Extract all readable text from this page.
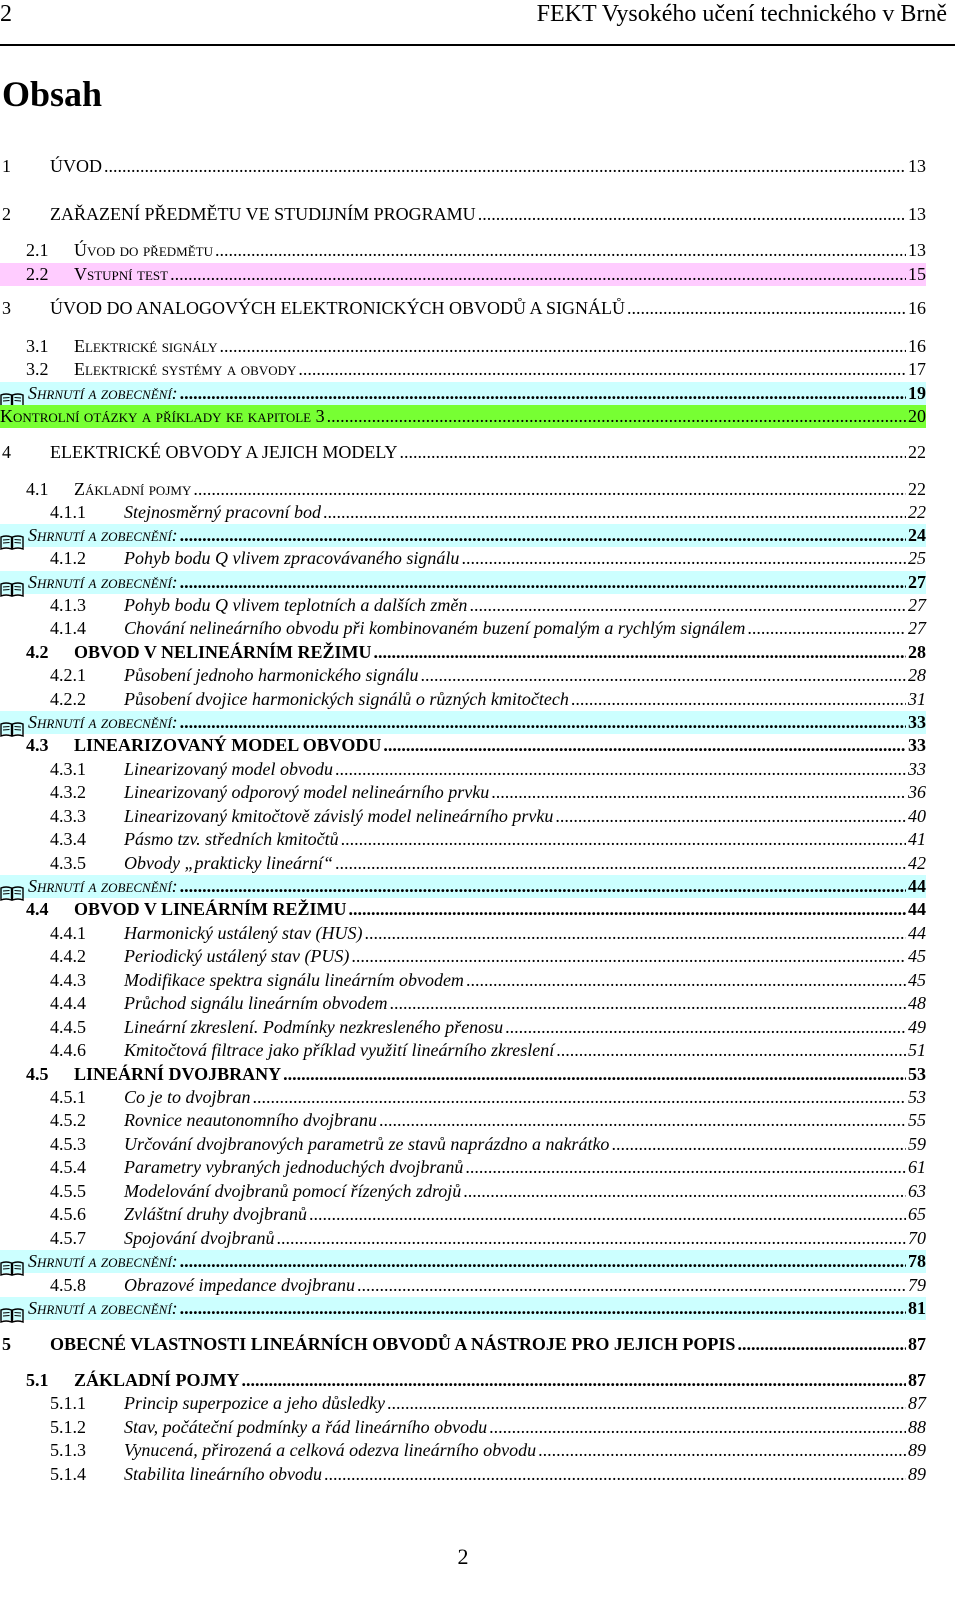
2	FEKT Vysokého učení technického v Brně
Obsah
1 ÚVOD .....	13
2 ZAŘAZENÍ PŘEDMĚTU VE STUDIJNÍM PROGRAMU .....	13
2.1 Úvod do předmětu .....	13
2.2 Vstupní test .....	15
3 ÚVOD DO ANALOGOVÝCH ELEKTRONICKÝCH OBVODŮ A SIGNÁLŮ .....	16
3.1 Elektrické signály .....	16
3.2 Elektrické systémy a obvody .....	17
Shrnutí a zobecnění: .....	19
Kontrolní otázky a příklady ke kapitole 3 .....	20
4 ELEKTRICKÉ OBVODY A JEJICH MODELY .....	22
4.1 Základní pojmy .....	22
4.1.1 Stejnosměrný pracovní bod .....	22
Shrnutí a zobecnění: .....	24
4.1.2 Pohyb bodu Q vlivem zpracovávaného signálu .....	25
Shrnutí a zobecnění: .....	27
4.1.3 Pohyb bodu Q vlivem teplotních a dalších změn .....	27
4.1.4 Chování nelineárního obvodu při kombinovaném buzení pomalým a rychlým signálem .....	27
4.2 OBVOD V NELINEÁRNÍM REŽIMU .....	28
4.2.1 Působení jednoho harmonického signálu .....	28
4.2.2 Působení dvojice harmonických signálů o různých kmitočtech .....	31
Shrnutí a zobecnění: .....	33
4.3 LINEARIZOVANÝ MODEL OBVODU .....	33
4.3.1 Linearizovaný model obvodu .....	33
4.3.2 Linearizovaný odporový model nelineárního prvku .....	36
4.3.3 Linearizovaný kmitočtově závislý model nelineárního prvku .....	40
4.3.4 Pásmo tzv. středních kmitočtů .....	41
4.3.5 Obvody „prakticky lineární“ .....	42
Shrnutí a zobecnění: .....	44
4.4 OBVOD V LINEÁRNÍM REŽIMU .....	44
4.4.1 Harmonický ustálený stav (HUS) .....	44
4.4.2 Periodický ustálený stav (PUS) .....	45
4.4.3 Modifikace spektra signálu lineárním obvodem .....	45
4.4.4 Průchod signálu lineárním obvodem .....	48
4.4.5 Lineární zkreslení. Podmínky nezkresleného přenosu .....	49
4.4.6 Kmitočtová filtrace jako příklad využití lineárního zkreslení .....	51
4.5 LINEÁRNÍ DVOJBRANY .....	53
4.5.1 Co je to dvojbran .....	53
4.5.2 Rovnice neautonomního dvojbranu .....	55
4.5.3 Určování dvojbranových parametrů ze stavů naprázdno a nakrátko .....	59
4.5.4 Parametry vybraných jednoduchých dvojbranů .....	61
4.5.5 Modelování dvojbranů pomocí řízených zdrojů .....	63
4.5.6 Zvláštní druhy dvojbranů .....	65
4.5.7 Spojování dvojbranů .....	70
Shrnutí a zobecnění: .....	78
4.5.8 Obrazové impedance dvojbranu .....	79
Shrnutí a zobecnění: .....	81
5 OBECNÉ VLASTNOSTI LINEÁRNÍCH OBVODŮ A NÁSTROJE PRO JEJICH POPIS .....	87
5.1 ZÁKLADNÍ POJMY .....	87
5.1.1 Princip superpozice a jeho důsledky .....	87
5.1.2 Stav, počáteční podmínky a řád lineárního obvodu .....	88
5.1.3 Vynucená, přirozená a celková odezva lineárního obvodu .....	89
5.1.4 Stabilita lineárního obvodu .....	89
2
